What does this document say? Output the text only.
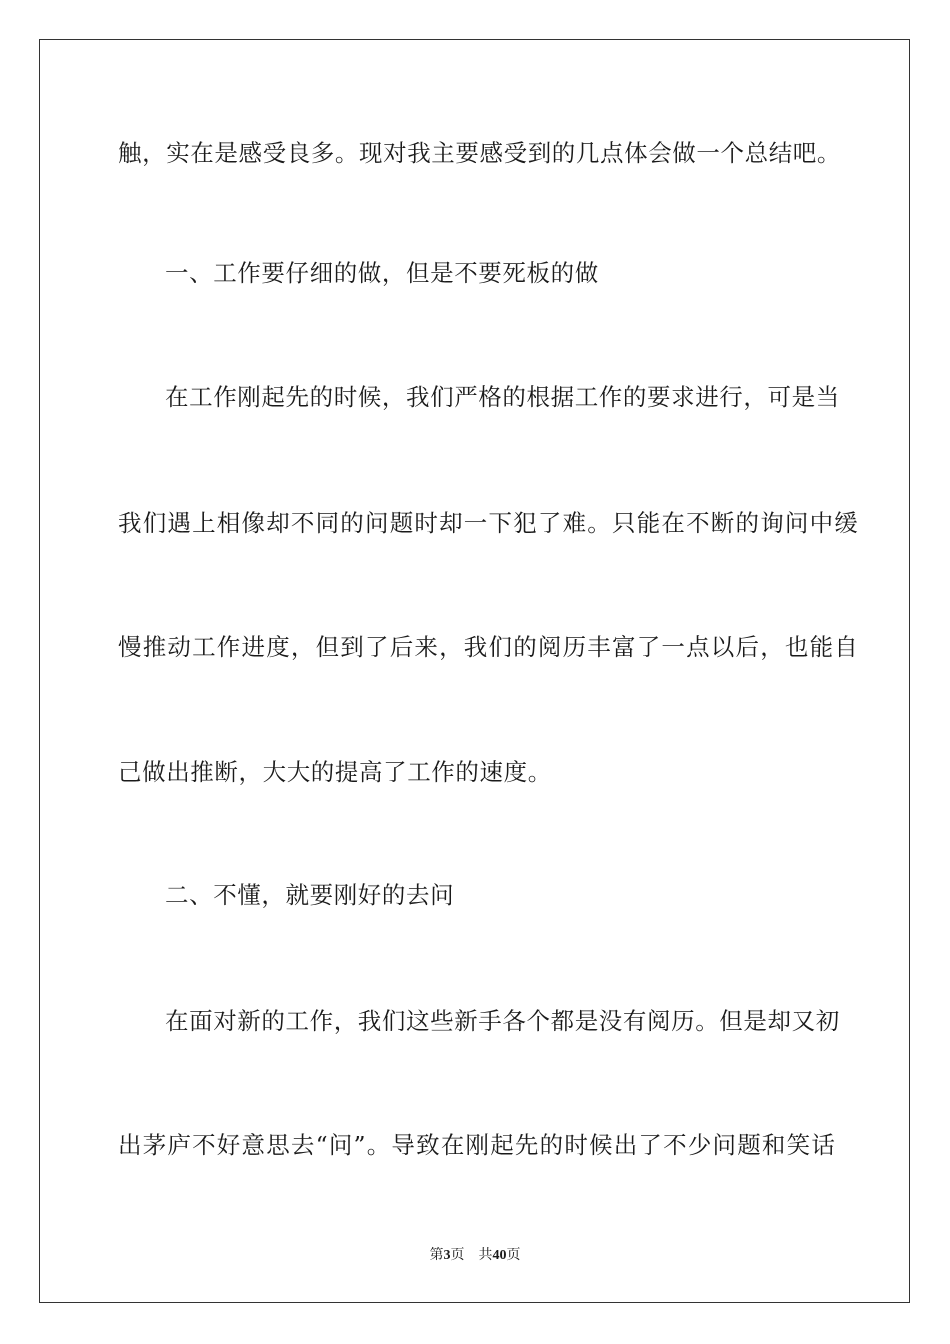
触，实在是感受良多。现对我主要感受到的几点体会做一个总结吧。
一、工作要仔细的做，但是不要死板的做
在工作刚起先的时候，我们严格的根据工作的要求进行，可是当
我们遇上相像却不同的问题时却一下犯了难。只能在不断的询问中缓
慢推动工作进度，但到了后来，我们的阅历丰富了一点以后，也能自
己做出推断，大大的提高了工作的速度。
二、不懂，就要刚好的去问
在面对新的工作，我们这些新手各个都是没有阅历。但是却又初
出茅庐不好意思去“问”。导致在刚起先的时候出了不少问题和笑话
第3页 共40页
